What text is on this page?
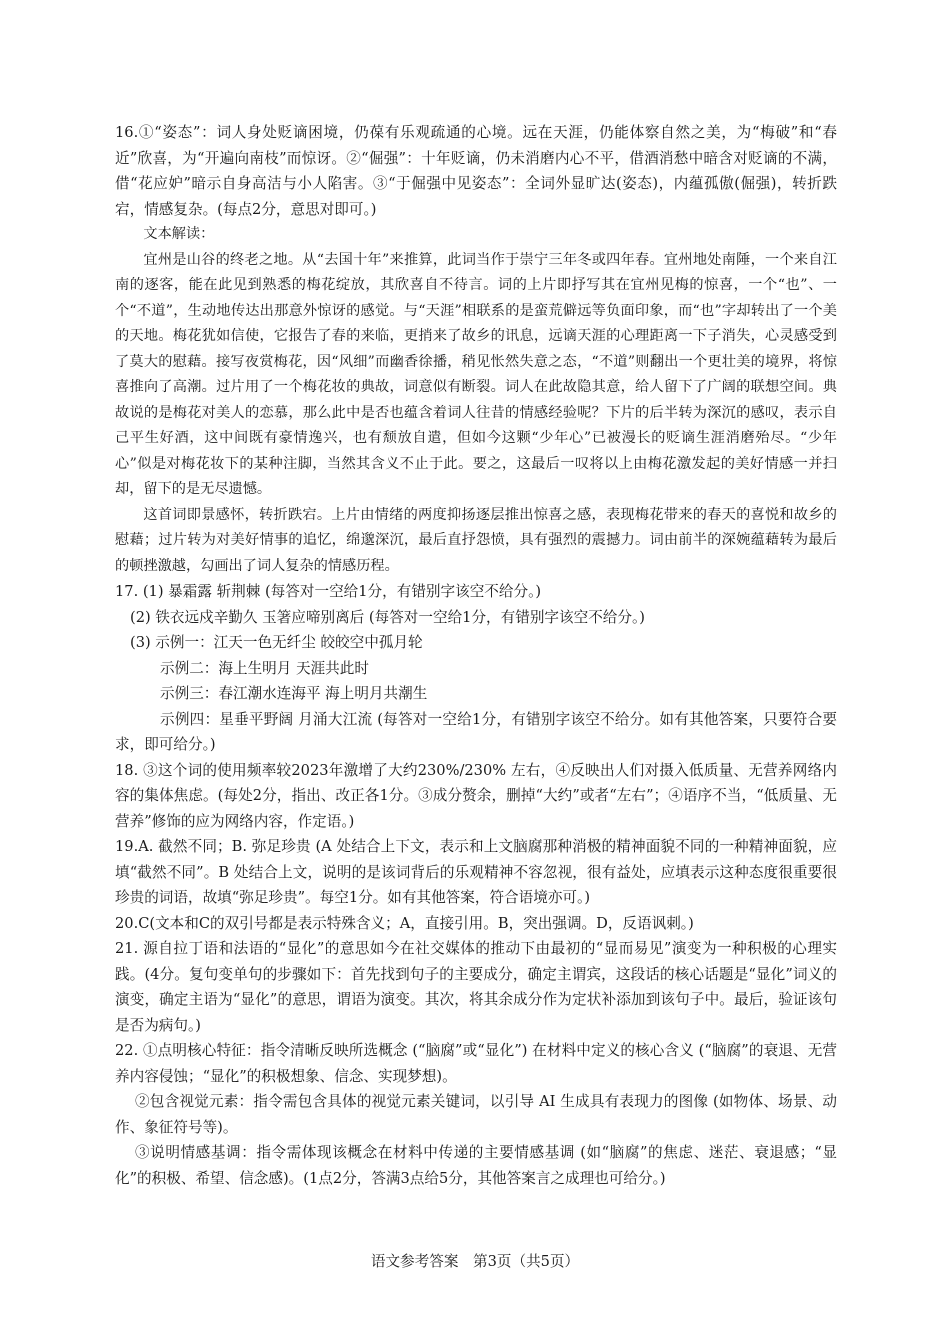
16.①“姿态”：词人身处贬谪困境，仍葆有乐观疏通的心境。远在天涯，仍能体察自然之美，为“梅破”和“春近”欣喜，为“开遍向南枝”而惊讶。②“倔强”：十年贬谪，仍未消磨内心不平，借酒消愁中暗含对贬谪的不满，借“花应妒”暗示自身高洁与小人陷害。③“于倔强中见姿态”：全词外显旷达(姿态)，内蕴孤傲(倔强)，转折跌宕，情感复杂。(每点2分，意思对即可。)

文本解读：

宜州是山谷的终老之地。从“去国十年”来推算，此词当作于崇宁三年冬或四年春。宜州地处南陲，一个来自江南的逐客，能在此见到熟悉的梅花绽放，其欣喜自不待言。词的上片即抒写其在宜州见梅的惊喜，一个“也”、一个“不道”，生动地传达出那意外惊讶的感觉。与“天涯”相联系的是蛮荒僻远等负面印象，而“也”字却转出了一个美的天地。梅花犹如信使，它报告了春的来临，更捎来了故乡的讯息，远谪天涯的心理距离一下子消失，心灵感受到了莫大的慰藉。接写夜赏梅花，因“风细”而幽香徐播，稍见怅然失意之态，“不道”则翻出一个更壮美的境界，将惊喜推向了高潮。过片用了一个梅花妆的典故，词意似有断裂。词人在此故隐其意，给人留下了广阔的联想空间。典故说的是梅花对美人的恋慕，那么此中是否也蕴含着词人往昔的情感经验呢？下片的后半转为深沉的感叹，表示自己平生好酒，这中间既有豪情逸兴，也有颓放自遣，但如今这颗“少年心”已被漫长的贬谪生涯消磨殆尽。“少年心”似是对梅花妆下的某种注脚，当然其含义不止于此。要之，这最后一叹将以上由梅花激发起的美好情感一并扫却，留下的是无尽遗憾。

这首词即景感怀，转折跌宕。上片由情绪的两度抑扬逐层推出惊喜之感，表现梅花带来的春天的喜悦和故乡的慰藉；过片转为对美好情事的追忆，绵邈深沉，最后直抒怨愤，具有强烈的震撼力。词由前半的深婉蕴藉转为最后的顿挫激越，勾画出了词人复杂的情感历程。

17. (1) 暴霜露 斩荆棘 (每答对一空给1分，有错别字该空不给分。)

(2) 铁衣远戍辛勤久 玉箸应啼别离后 (每答对一空给1分，有错别字该空不给分。)

(3) 示例一：江天一色无纤尘 皎皎空中孤月轮

示例二：海上生明月 天涯共此时

示例三：春江潮水连海平 海上明月共潮生

示例四：星垂平野阔 月涌大江流 (每答对一空给1分，有错别字该空不给分。如有其他答案，只要符合要求，即可给分。)

18. ③这个词的使用频率较2023年激增了大约230%/230% 左右，④反映出人们对摄入低质量、无营养网络内容的集体焦虑。(每处2分，指出、改正各1分。③成分赘余，删掉“大约”或者“左右”；④语序不当，“低质量、无营养”修饰的应为网络内容，作定语。)

19.A. 截然不同；B. 弥足珍贵 (A 处结合上下文，表示和上文脑腐那种消极的精神面貌不同的一种精神面貌，应填“截然不同”。B 处结合上文，说明的是该词背后的乐观精神不容忽视，很有益处，应填表示这种态度很重要很珍贵的词语，故填“弥足珍贵”。每空1分。如有其他答案，符合语境亦可。)

20.C(文本和C的双引号都是表示特殊含义；A，直接引用。B，突出强调。D，反语讽刺。)

21. 源自拉丁语和法语的“显化”的意思如今在社交媒体的推动下由最初的“显而易见”演变为一种积极的心理实践。(4分。复句变单句的步骤如下：首先找到句子的主要成分，确定主谓宾，这段话的核心话题是“显化”词义的演变，确定主语为“显化”的意思，谓语为演变。其次，将其余成分作为定状补添加到该句子中。最后，验证该句是否为病句。)

22. ①点明核心特征：指令清晰反映所选概念 (“脑腐”或“显化”) 在材料中定义的核心含义 (“脑腐”的衰退、无营养内容侵蚀；“显化”的积极想象、信念、实现梦想)。

②包含视觉元素：指令需包含具体的视觉元素关键词，以引导 AI 生成具有表现力的图像 (如物体、场景、动作、象征符号等)。

③说明情感基调：指令需体现该概念在材料中传递的主要情感基调 (如“脑腐”的焦虑、迷茫、衰退感；“显化”的积极、希望、信念感)。(1点2分，答满3点给5分，其他答案言之成理也可给分。)

语文参考答案　第3页（共5页）
